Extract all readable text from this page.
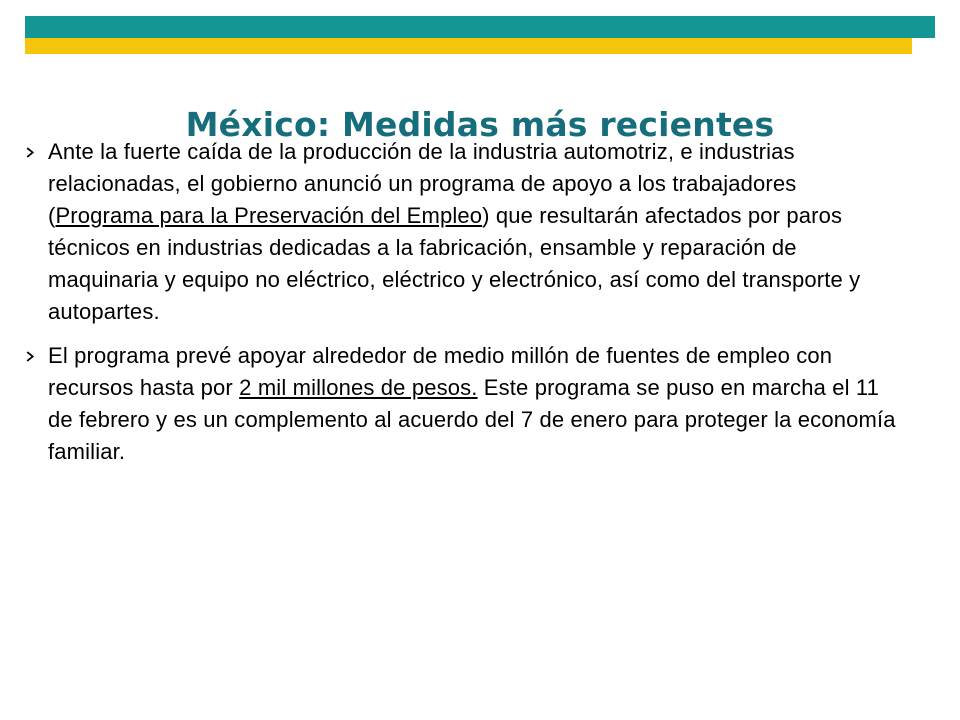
México: Medidas más recientes
Ante la fuerte caída de la producción de la industria automotriz, e industrias relacionadas, el gobierno anunció un programa de apoyo a los trabajadores (Programa para la Preservación del Empleo) que resultarán afectados por paros técnicos en industrias dedicadas a la fabricación, ensamble y reparación de maquinaria y equipo no eléctrico, eléctrico y electrónico, así como del transporte y autopartes.
El programa prevé apoyar alrededor de medio millón de fuentes de empleo con recursos hasta por 2 mil millones de pesos. Este programa se puso en marcha el 11 de febrero y es un complemento al acuerdo del 7 de enero para proteger la economía familiar.
